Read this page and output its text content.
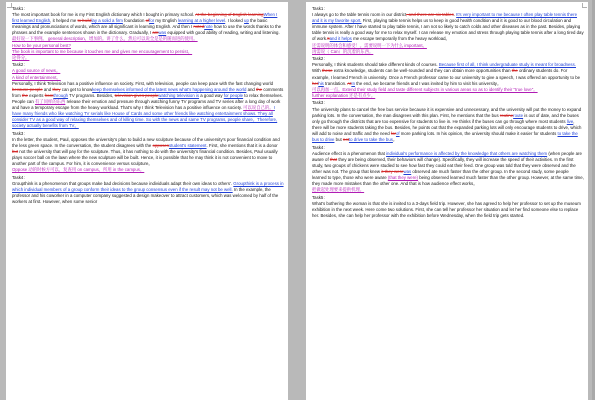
Task1：

The most important book for me is my First English dictionary which I bought in primary school. At the beginning of English learningWhen I first learned English, it helped me to buildlay a solid a firm foundation offor my English learning at a higher level. I looked up the basic meanings and pronunciations of words, which are all significant in learning English. And then I notednote how to use the words thanks to the phrases and the example sentences shown in the dictionary. Gradually, I amwas equipped with good ability of reading, writing and listening.

最好说一下事例。 general description。增加的。讲了什么，然后可以说全是是的随而进的使用。

How to be your personal best?

The book is important to me because it touches me and gives me encouragement to persist。

论得分。

Task2：

A good source of news。

A kind of entertainment。

Personally, I think Television has a positive influence on society. First, with television, people can keep pace with the fast changing world because people and they can get to knowkeep themselves informed of the latest news what's happening around the world and the comments from the experts fromthrough TV programs. Besides, television gives peoplewatching television is a good way for people to relax themselves. People can 有了同样的东西 release their emotion and pressure through watching funny TV programs and TV series after a long day of work and have a temporary escape from the heavy workload. That's why I think Television has a positive influence on society. 可以说自己的。I have many friends who like watching TV serials like House of Cards and some other friends like watching entertainment shows. They all consider TV as a good way of relaxing themselves and of killing time. So with the news and same TV programs, people share。Therefore, society actually benefits from TV。

Task3：

In the letter, the student, Paul, opposes the university's plan to build a new sculpture because of the university's poor financial condition and the less green space. In the conversation, the student disagrees with the opposesstudent's statement. First, she mentions that it is a donor but not the university that will pay for the sculpture. Thus, it has nothing to do with the university's financial condition. Besides, Paul usually plays soccer ball on the lawn where the new sculpture will be built. Hence, it is possible that he may think it is not convenient to move to another part of the campus. For him, it is convenience versus sculpture。

Oppose 动的时候方可以，复查用 on campus。所用 in the campus。

Task4：

Groupthink is a phenomenon that groups make bad decisions because individuals adapt their own ideas to others'. Groupthink is a process in which individual members of a group conform their ideas to the group consensus even if the result may not be well. In the example, the professor and his coworker in a computer company suggested a design makeover to attract customers, which was welcomed by half of the workers at first. However, when some senior

Task1：

I always go to the table tennis room in our district, and there are six tables. It's very important to me because I often play table tennis there and it is my favorite sport. First, playing table tennis helps us to keep in good health condition and it is good to our blood circulation and immune system. After I have started to play table tennis, I am not so likely to catch colds and other diseases as in the past. Besides, playing table tennis is really a good way for me to relax myself. I can release my emotion and stress through playing table tennis after a long tired day of work.Itand it helps me escape temporarily from the heavy workload。

还需说明的体会和感受！。需要说明一下为什么 important。

再需说（ Can）的沉着的东西。

Task2：

Personally, I think students should take different kinds of courses. Because first of all, I think undergraduate study is meant for broadness. With these extra knowledge, students can be well-rounded and they can obtain more opportunities than the ordinary students do. For example, I learned French in university. Once a French professor came to our university to give a speech, I was offered an opportunity to be herhis translation. AtIn the end, we became friends and I was invited by him to visit his university。

可以再加一点。Extend their study field and taste different subjects in various areas so as to identify their "true love"。

further explanation 还是有点少。

Task3：

The university plans to cancel the free bus service because it is expensive and unnecessary, and the university will put the money to expand parking lots. In the conversation, the man disagrees with this plan. First, he mentions that the bus routineroute is out of date, and the buses only go through the districts that are too expensive for students to live in. He thinks if the buses can go through where most students live, there will be more students taking the bus. Besides, he points out that the expanded parking lots will only encourage students to drive, which will add to noise and traffic and the need forof more parking lots. In his opinion, the university should make it easier for students to take the bus to drive but notto drive to take the bus。

Task4：

Audience effect is a phenomenon that individual's performance is affected by the knowledge that others are watching them (when people are aware of that they are being observed, their behaviors will change). Specifically, they will increase the speed of their activities. In the first study, two groups of chickens were studied to see how fast they could eat their feed. One group was told that they were observed and the other was not. The group that knew it they werewas observed ate much faster than the other group. In the second study, some people learned to type, those who were aware (that they were) being observed learned much faster than the other group. However, at the same time, they made more mistakes than the other one. And that is how audience effect works。

把做起处理要来提供机理。

Task5：

What's bothering the woman is that she is invited to a 3-days field trip. However, she has agreed to help her professor to set up the museum exhibition in the next week. Here come two solutions. First, she can tell her professor her situation and let her find someone else to replace her. Besides, she can help her professor with the exhibition before Wednesday, when the field trip gets started.
